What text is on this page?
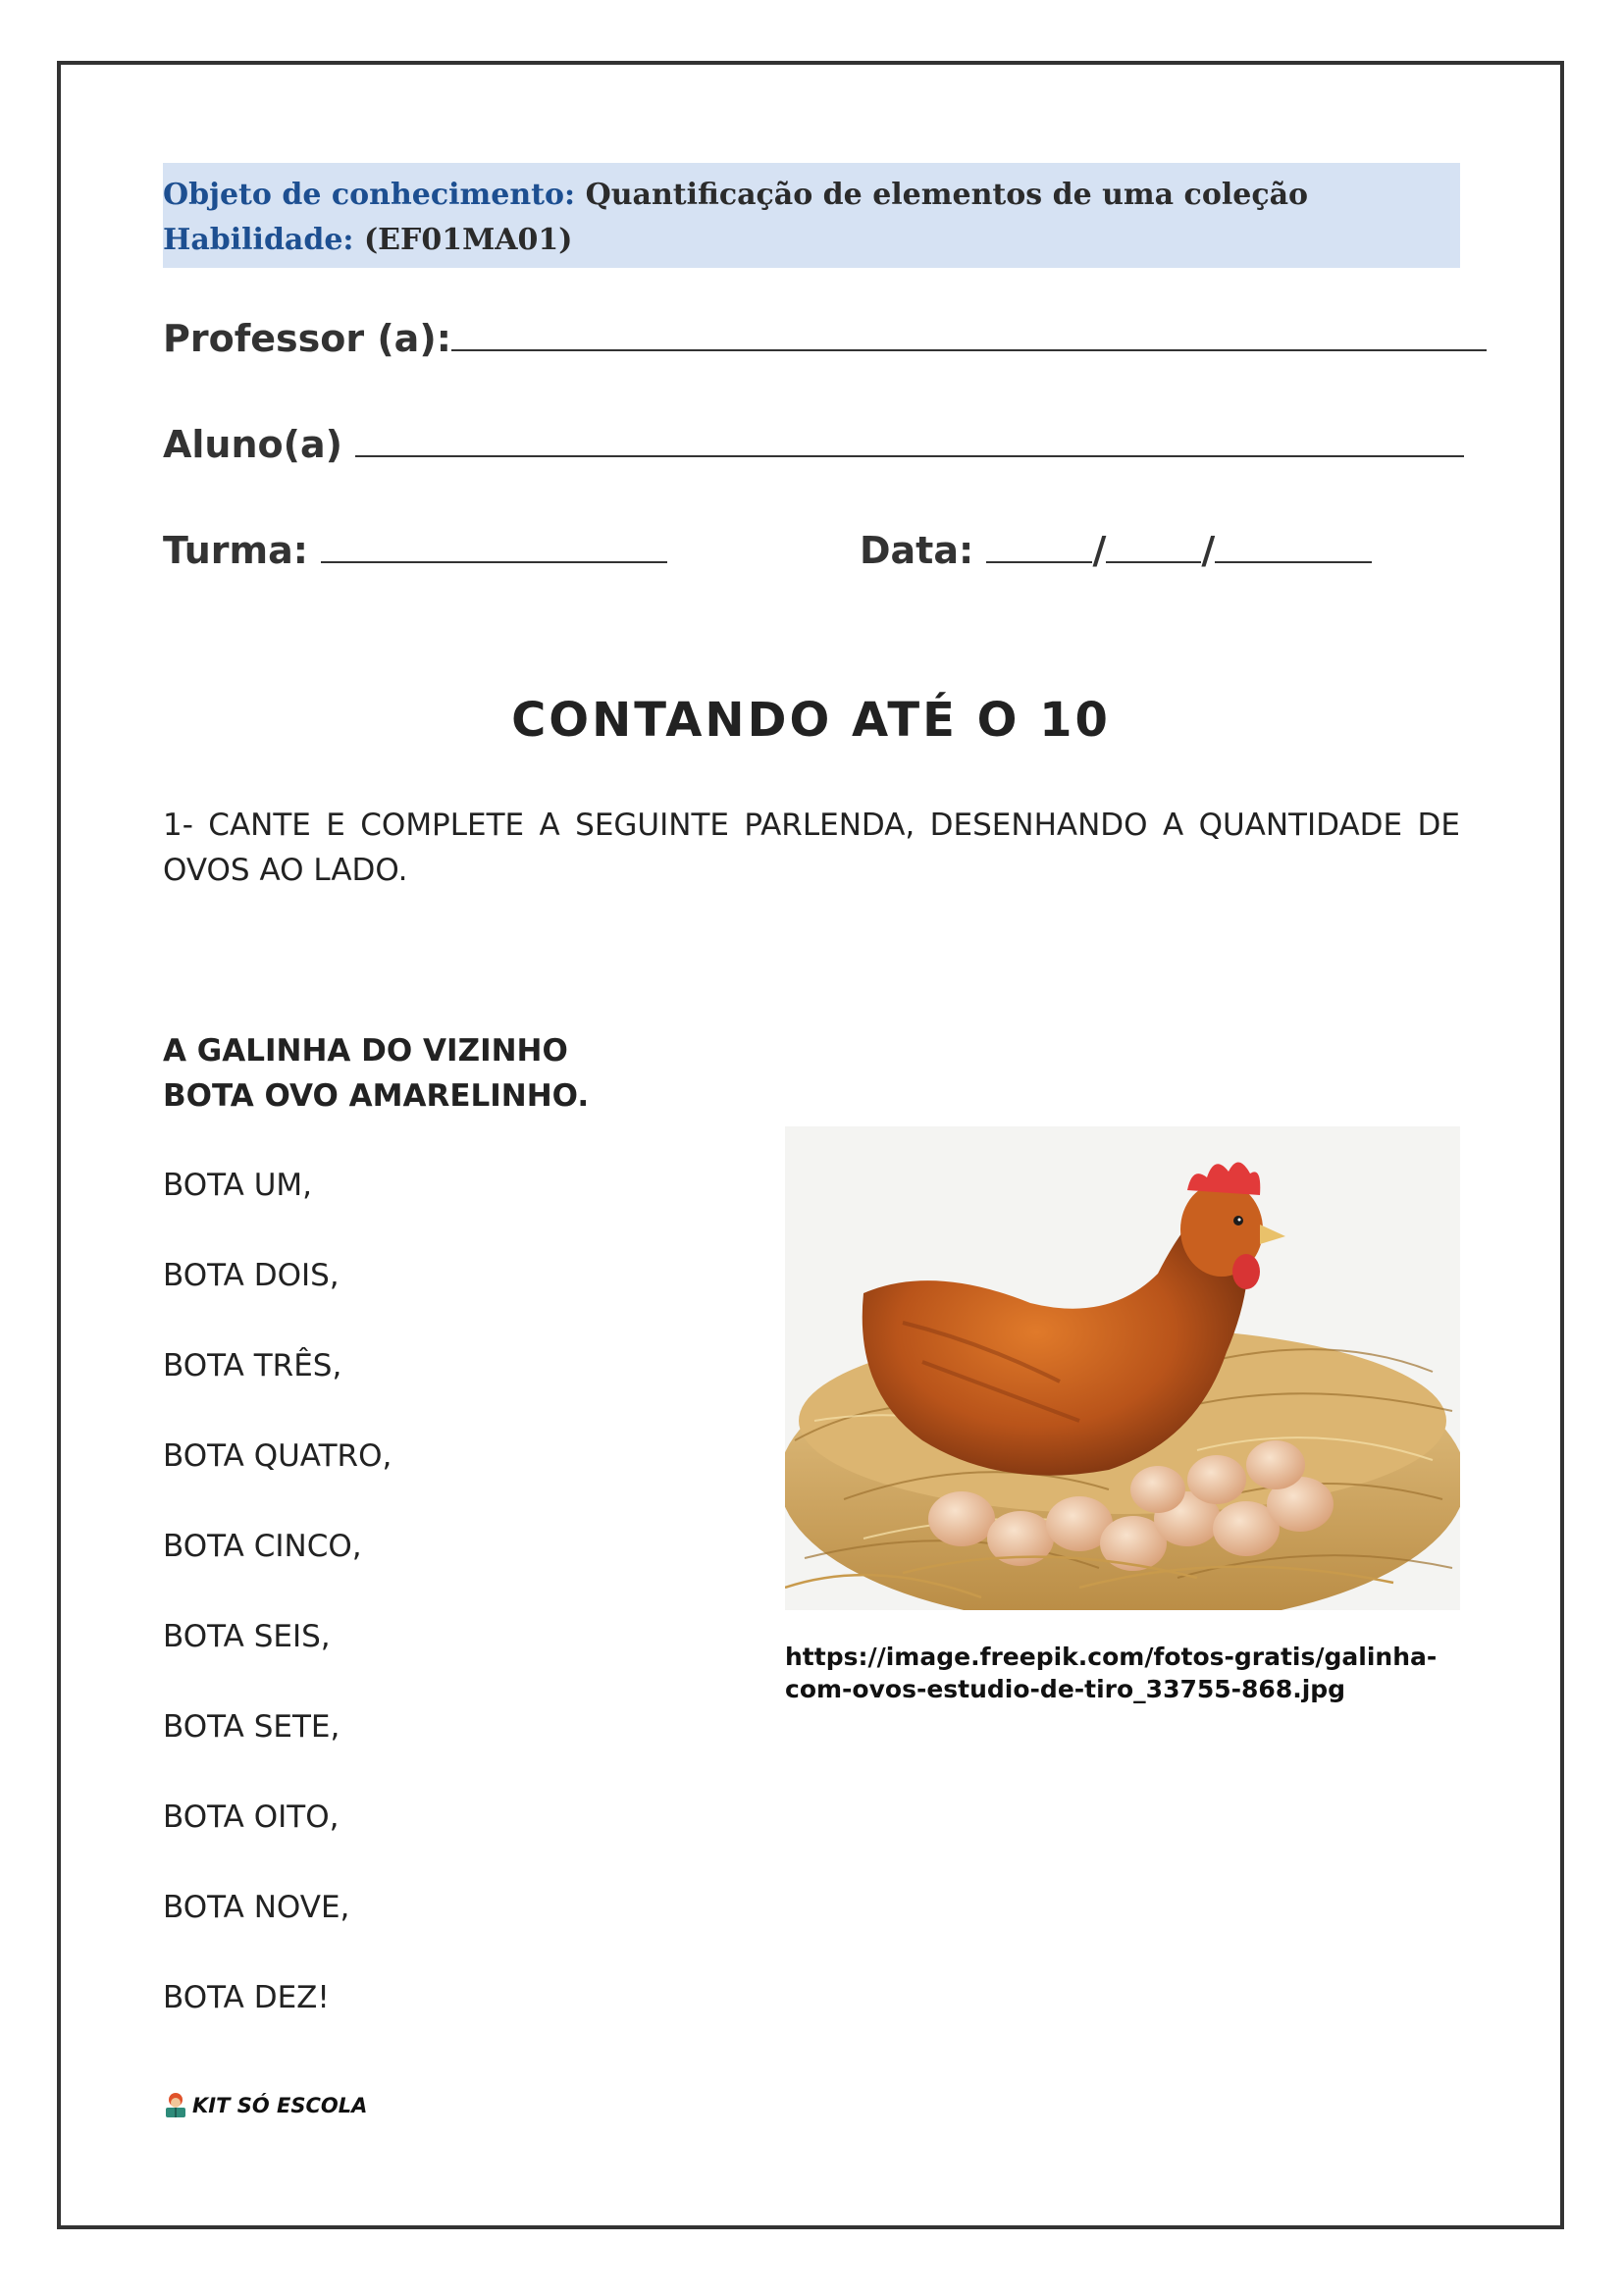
Objeto de conhecimento: Quantificação de elementos de uma coleção
Habilidade: (EF01MA01)
Professor (a):
Aluno(a)
Turma:	Data:	/	/
CONTANDO ATÉ O 10
1- CANTE E COMPLETE A SEGUINTE PARLENDA, DESENHANDO A QUANTIDADE DE OVOS AO LADO.
A GALINHA DO VIZINHO
BOTA OVO AMARELINHO.
BOTA UM,
BOTA DOIS,
BOTA TRÊS,
BOTA QUATRO,
BOTA CINCO,
BOTA SEIS,
BOTA SETE,
BOTA OITO,
BOTA NOVE,
BOTA DEZ!
https://image.freepik.com/fotos-gratis/galinha-com-ovos-estudio-de-tiro_33755-868.jpg
KIT SÓ ESCOLA
